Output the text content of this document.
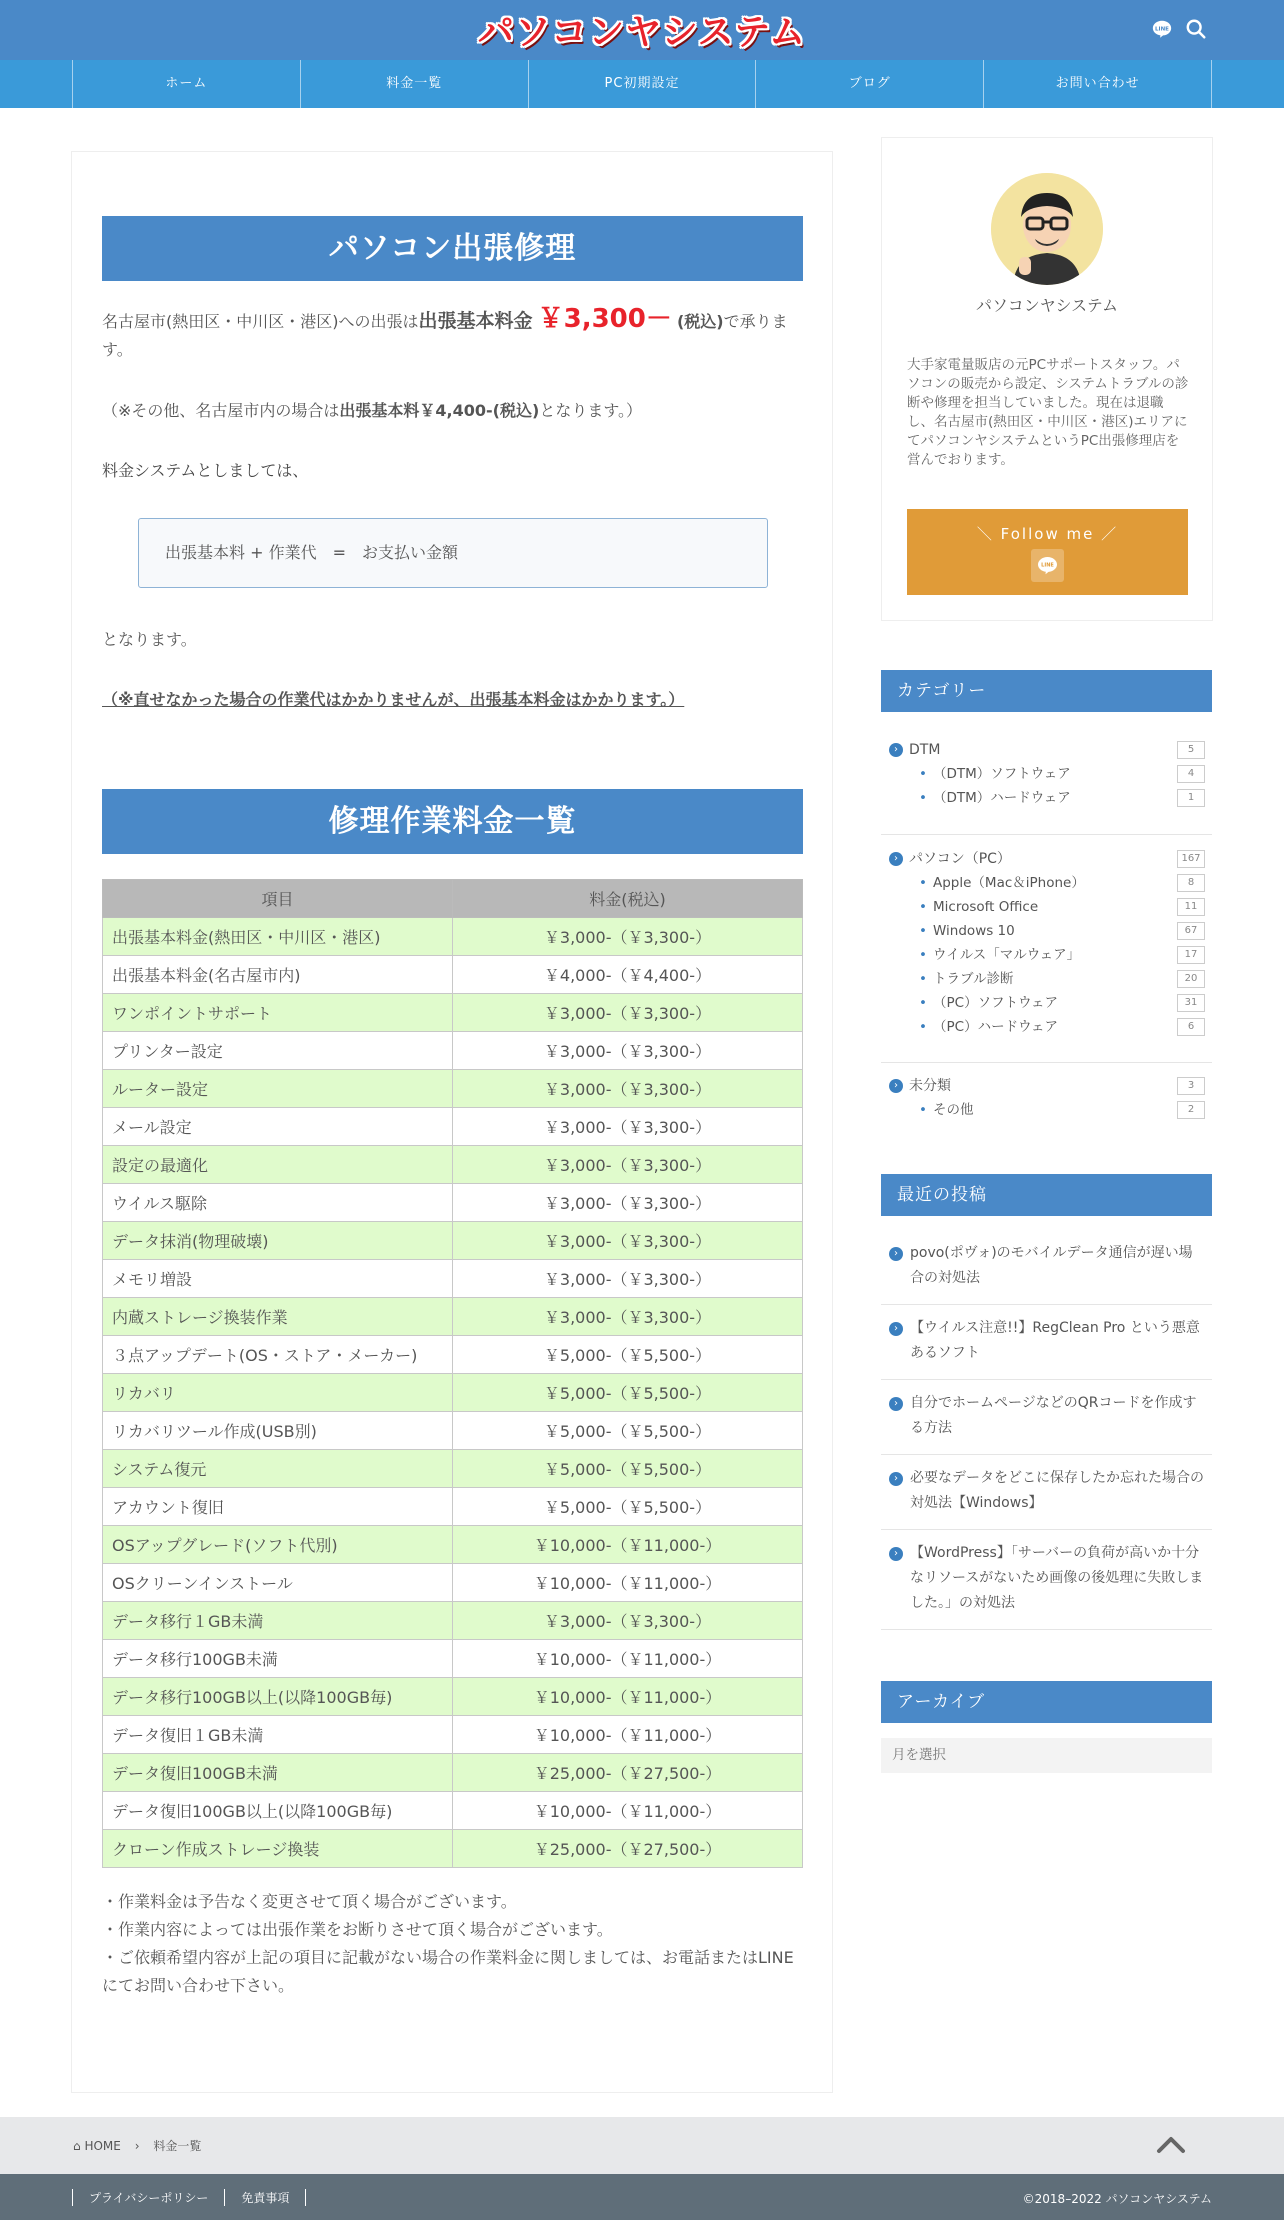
パソコンヤシステム	LINE
ホーム	料金一覧	PC初期設定	ブログ	お問い合わせ
パソコン出張修理
名古屋市(熱田区・中川区・港区)への出張は出張基本料金 ￥3,300－ (税込)で承ります。
（※その他、名古屋市内の場合は出張基本料￥4,400-(税込)となります。）
料金システムとしましては、
出張基本料 + 作業代　=　お支払い金額
となります。
（※直せなかった場合の作業代はかかりませんが、出張基本料金はかかります。）
修理作業料金一覧
項目	料金(税込)
出張基本料金(熱田区・中川区・港区)	￥3,000-（￥3,300-）
出張基本料金(名古屋市内)	￥4,000-（￥4,400-）
ワンポイントサポート	￥3,000-（￥3,300-）
プリンター設定	￥3,000-（￥3,300-）
ルーター設定	￥3,000-（￥3,300-）
メール設定	￥3,000-（￥3,300-）
設定の最適化	￥3,000-（￥3,300-）
ウイルス駆除	￥3,000-（￥3,300-）
データ抹消(物理破壊)	￥3,000-（￥3,300-）
メモリ増設	￥3,000-（￥3,300-）
内蔵ストレージ換装作業	￥3,000-（￥3,300-）
３点アップデート(OS・ストア・メーカー)	￥5,000-（￥5,500-）
リカバリ	￥5,000-（￥5,500-）
リカバリツール作成(USB別)	￥5,000-（￥5,500-）
システム復元	￥5,000-（￥5,500-）
アカウント復旧	￥5,000-（￥5,500-）
OSアップグレード(ソフト代別)	￥10,000-（￥11,000-）
OSクリーンインストール	￥10,000-（￥11,000-）
データ移行１GB未満	￥3,000-（￥3,300-）
データ移行100GB未満	￥10,000-（￥11,000-）
データ移行100GB以上(以降100GB毎)	￥10,000-（￥11,000-）
データ復旧１GB未満	￥10,000-（￥11,000-）
データ復旧100GB未満	￥25,000-（￥27,500-）
データ復旧100GB以上(以降100GB毎)	￥10,000-（￥11,000-）
クローン作成ストレージ換装	￥25,000-（￥27,500-）
・作業料金は予告なく変更させて頂く場合がございます。
・作業内容によっては出張作業をお断りさせて頂く場合がございます。
・ご依頼希望内容が上記の項目に記載がない場合の作業料金に関しましては、お電話またはLINEにてお問い合わせ下さい。
パソコンヤシステム
大手家電量販店の元PCサポートスタッフ。パソコンの販売から設定、システムトラブルの診断や修理を担当していました。現在は退職し、名古屋市(熱田区・中川区・港区)エリアにてパソコンヤシステムというPC出張修理店を営んでおります。
＼ Follow me ／
LINE
カテゴリー
› DTM	5
• （DTM）ソフトウェア	4
• （DTM）ハードウェア	1
› パソコン（PC）	167
• Apple（Mac＆iPhone）	8
• Microsoft Office	11
• Windows 10	67
• ウイルス「マルウェア」	17
• トラブル診断	20
• （PC）ソフトウェア	31
• （PC）ハードウェア	6
› 未分類	3
• その他	2
最近の投稿
› povo(ポヴォ)のモバイルデータ通信が遅い場合の対処法
› 【ウイルス注意!!】RegClean Pro という悪意あるソフト
› 自分でホームページなどのQRコードを作成する方法
› 必要なデータをどこに保存したか忘れた場合の対処法【Windows】
› 【WordPress】「サーバーの負荷が高いか十分なリソースがないため画像の後処理に失敗しました。」の対処法
アーカイブ
月を選択
⌂ HOME › 料金一覧
プライバシーポリシー	免責事項	©2018–2022 パソコンヤシステム
